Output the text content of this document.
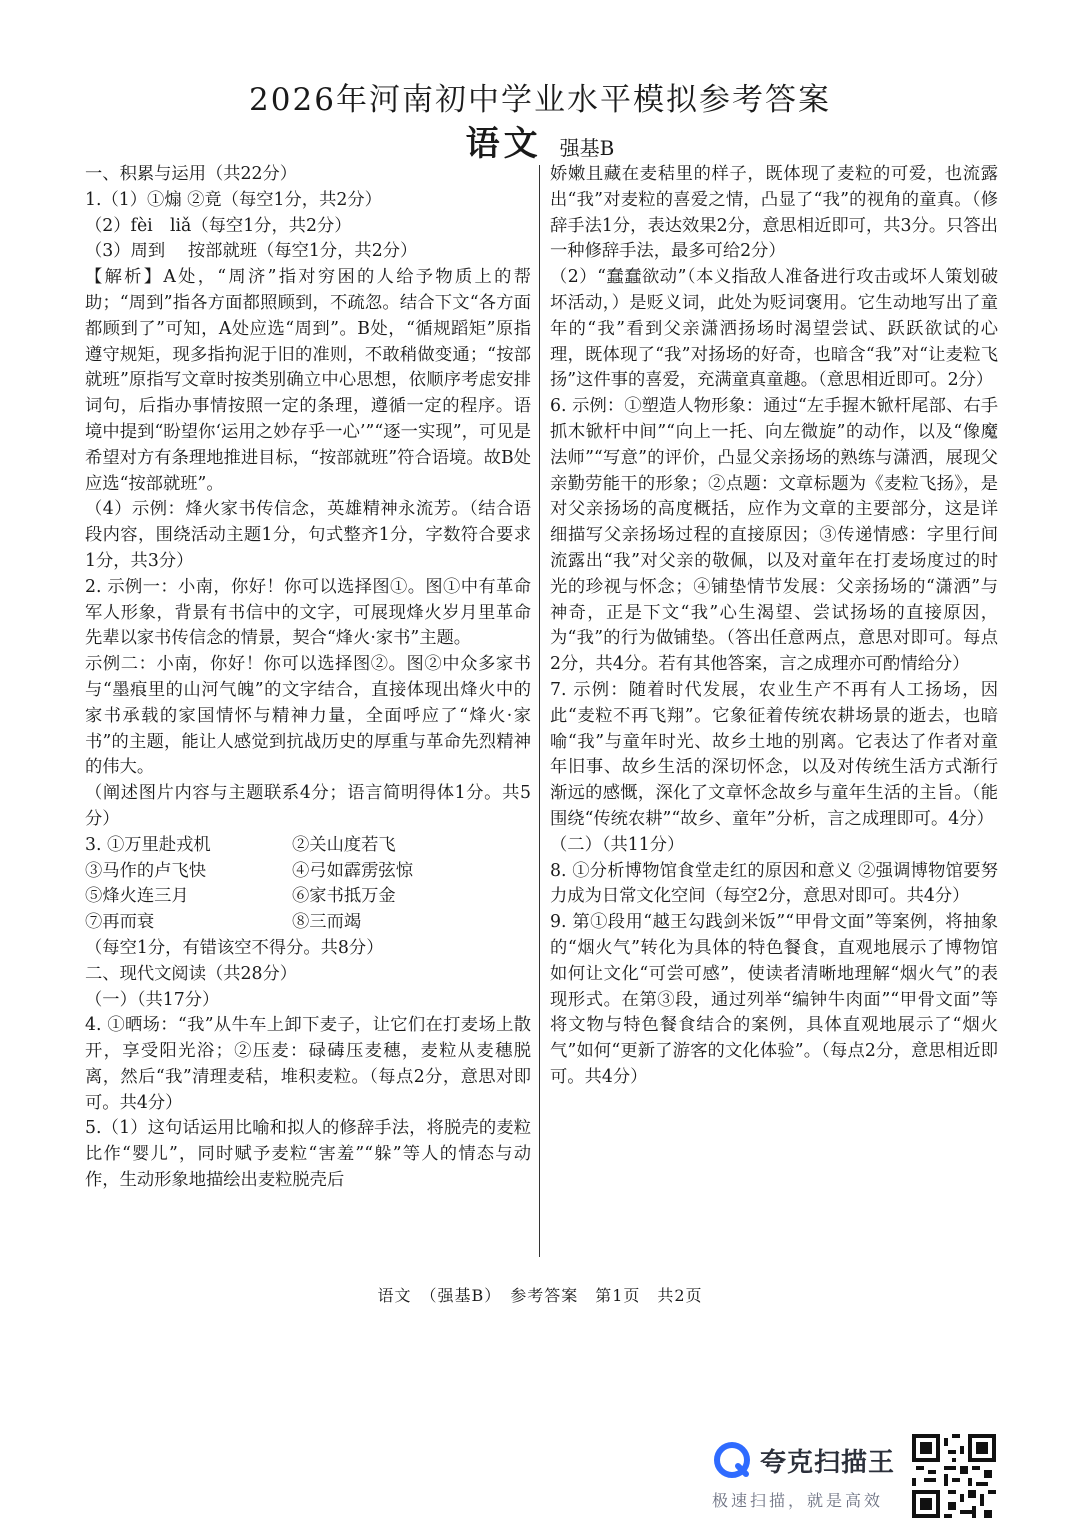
2026年河南初中学业水平模拟参考答案
语文 强基B

一、积累与运用（共22分）

1.（1）①煽 ②竟（每空1分，共2分）

（2）fèi　liǎ（每空1分，共2分）

（3）周到　 按部就班（每空1分，共2分）

【解析】A处，“周济”指对穷困的人给予物质上的帮助；“周到”指各方面都照顾到，不疏忽。结合下文“各方面都顾到了”可知，A处应选“周到”。B处，“循规蹈矩”原指遵守规矩，现多指拘泥于旧的准则，不敢稍做变通；“按部就班”原指写文章时按类别确立中心思想，依顺序考虑安排词句，后指办事情按照一定的条理，遵循一定的程序。语境中提到“盼望你‘运用之妙存乎一心’”“逐一实现”，可见是希望对方有条理地推进目标，“按部就班”符合语境。故B处应选“按部就班”。

（4）示例：烽火家书传信念，英雄精神永流芳。（结合语段内容，围绕活动主题1分，句式整齐1分，字数符合要求1分，共3分）

2. 示例一：小南，你好！你可以选择图①。图①中有革命军人形象，背景有书信中的文字，可展现烽火岁月里革命先辈以家书传信念的情景，契合“烽火·家书”主题。

示例二：小南，你好！你可以选择图②。图②中众多家书与“墨痕里的山河气魄”的文字结合，直接体现出烽火中的家书承载的家国情怀与精神力量，全面呼应了“烽火·家书”的主题，能让人感觉到抗战历史的厚重与革命先烈精神的伟大。

（阐述图片内容与主题联系4分；语言简明得体1分。共5分）

3. ①万里赴戎机	②关山度若飞
③马作的卢飞快	④弓如霹雳弦惊
⑤烽火连三月	⑥家书抵万金
⑦再而衰	⑧三而竭

（每空1分，有错该空不得分。共8分）

二、现代文阅读（共28分）

（一）（共17分）

4. ①晒场：“我”从牛车上卸下麦子，让它们在打麦场上散开，享受阳光浴；②压麦：碌碡压麦穗，麦粒从麦穗脱离，然后“我”清理麦秸，堆积麦粒。（每点2分，意思对即可。共4分）

5.（1）这句话运用比喻和拟人的修辞手法，将脱壳的麦粒比作“婴儿”，同时赋予麦粒“害羞”“躲”等人的情态与动作，生动形象地描绘出麦粒脱壳后

娇嫩且藏在麦秸里的样子，既体现了麦粒的可爱，也流露出“我”对麦粒的喜爱之情，凸显了“我”的视角的童真。（修辞手法1分，表达效果2分，意思相近即可，共3分。只答出一种修辞手法，最多可给2分）

（2）“蠢蠢欲动”（本义指敌人准备进行攻击或坏人策划破坏活动，）是贬义词，此处为贬词褒用。它生动地写出了童年的“我”看到父亲潇洒扬场时渴望尝试、跃跃欲试的心理，既体现了“我”对扬场的好奇，也暗含“我”对“让麦粒飞扬”这件事的喜爱，充满童真童趣。（意思相近即可。2分）

6. 示例：①塑造人物形象：通过“左手握木锨杆尾部、右手抓木锨杆中间”“向上一托、向左微旋”的动作，以及“像魔法师”“写意”的评价，凸显父亲扬场的熟练与潇洒，展现父亲勤劳能干的形象；②点题：文章标题为《麦粒飞扬》，是对父亲扬场的高度概括，应作为文章的主要部分，这是详细描写父亲扬场过程的直接原因；③传递情感：字里行间流露出“我”对父亲的敬佩，以及对童年在打麦场度过的时光的珍视与怀念；④铺垫情节发展：父亲扬场的“潇洒”与神奇，正是下文“我”心生渴望、尝试扬场的直接原因，为“我”的行为做铺垫。（答出任意两点，意思对即可。每点2分，共4分。若有其他答案，言之成理亦可酌情给分）

7. 示例：随着时代发展，农业生产不再有人工扬场，因此“麦粒不再飞翔”。它象征着传统农耕场景的逝去，也暗喻“我”与童年时光、故乡土地的别离。它表达了作者对童年旧事、故乡生活的深切怀念，以及对传统生活方式渐行渐远的感慨，深化了文章怀念故乡与童年生活的主旨。（能围绕“传统农耕”“故乡、童年”分析，言之成理即可。4分）

（二）（共11分）

8. ①分析博物馆食堂走红的原因和意义 ②强调博物馆要努力成为日常文化空间（每空2分，意思对即可。共4分）

9. 第①段用“越王勾践剑米饭”“甲骨文面”等案例，将抽象的“烟火气”转化为具体的特色餐食，直观地展示了博物馆如何让文化“可尝可感”，使读者清晰地理解“烟火气”的表现形式。在第③段，通过列举“编钟牛肉面”“甲骨文面”等将文物与特色餐食结合的案例，具体直观地展示了“烟火气”如何“更新了游客的文化体验”。（每点2分，意思相近即可。共4分）

语文　（强基B）　参考答案　第1页　共2页
夸克扫描王
极速扫描，就是高效
